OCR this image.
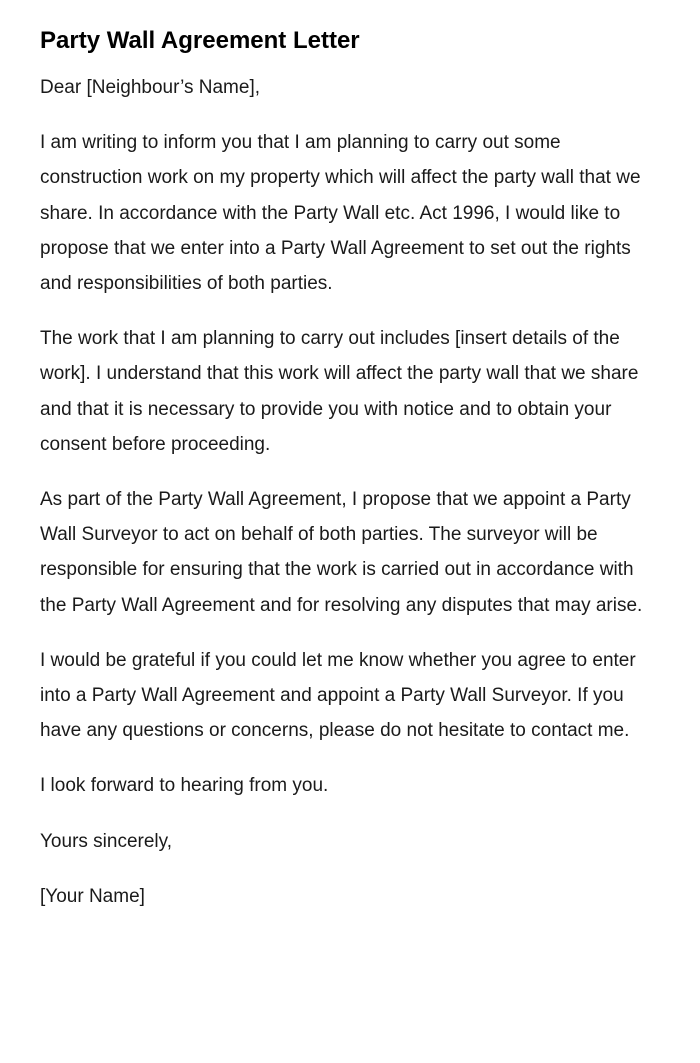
Party Wall Agreement Letter

Dear [Neighbour’s Name],

I am writing to inform you that I am planning to carry out some construction work on my property which will affect the party wall that we share. In accordance with the Party Wall etc. Act 1996, I would like to propose that we enter into a Party Wall Agreement to set out the rights and responsibilities of both parties.

The work that I am planning to carry out includes [insert details of the work]. I understand that this work will affect the party wall that we share and that it is necessary to provide you with notice and to obtain your consent before proceeding.

As part of the Party Wall Agreement, I propose that we appoint a Party Wall Surveyor to act on behalf of both parties. The surveyor will be responsible for ensuring that the work is carried out in accordance with the Party Wall Agreement and for resolving any disputes that may arise.

I would be grateful if you could let me know whether you agree to enter into a Party Wall Agreement and appoint a Party Wall Surveyor. If you have any questions or concerns, please do not hesitate to contact me.

I look forward to hearing from you.

Yours sincerely,

[Your Name]
